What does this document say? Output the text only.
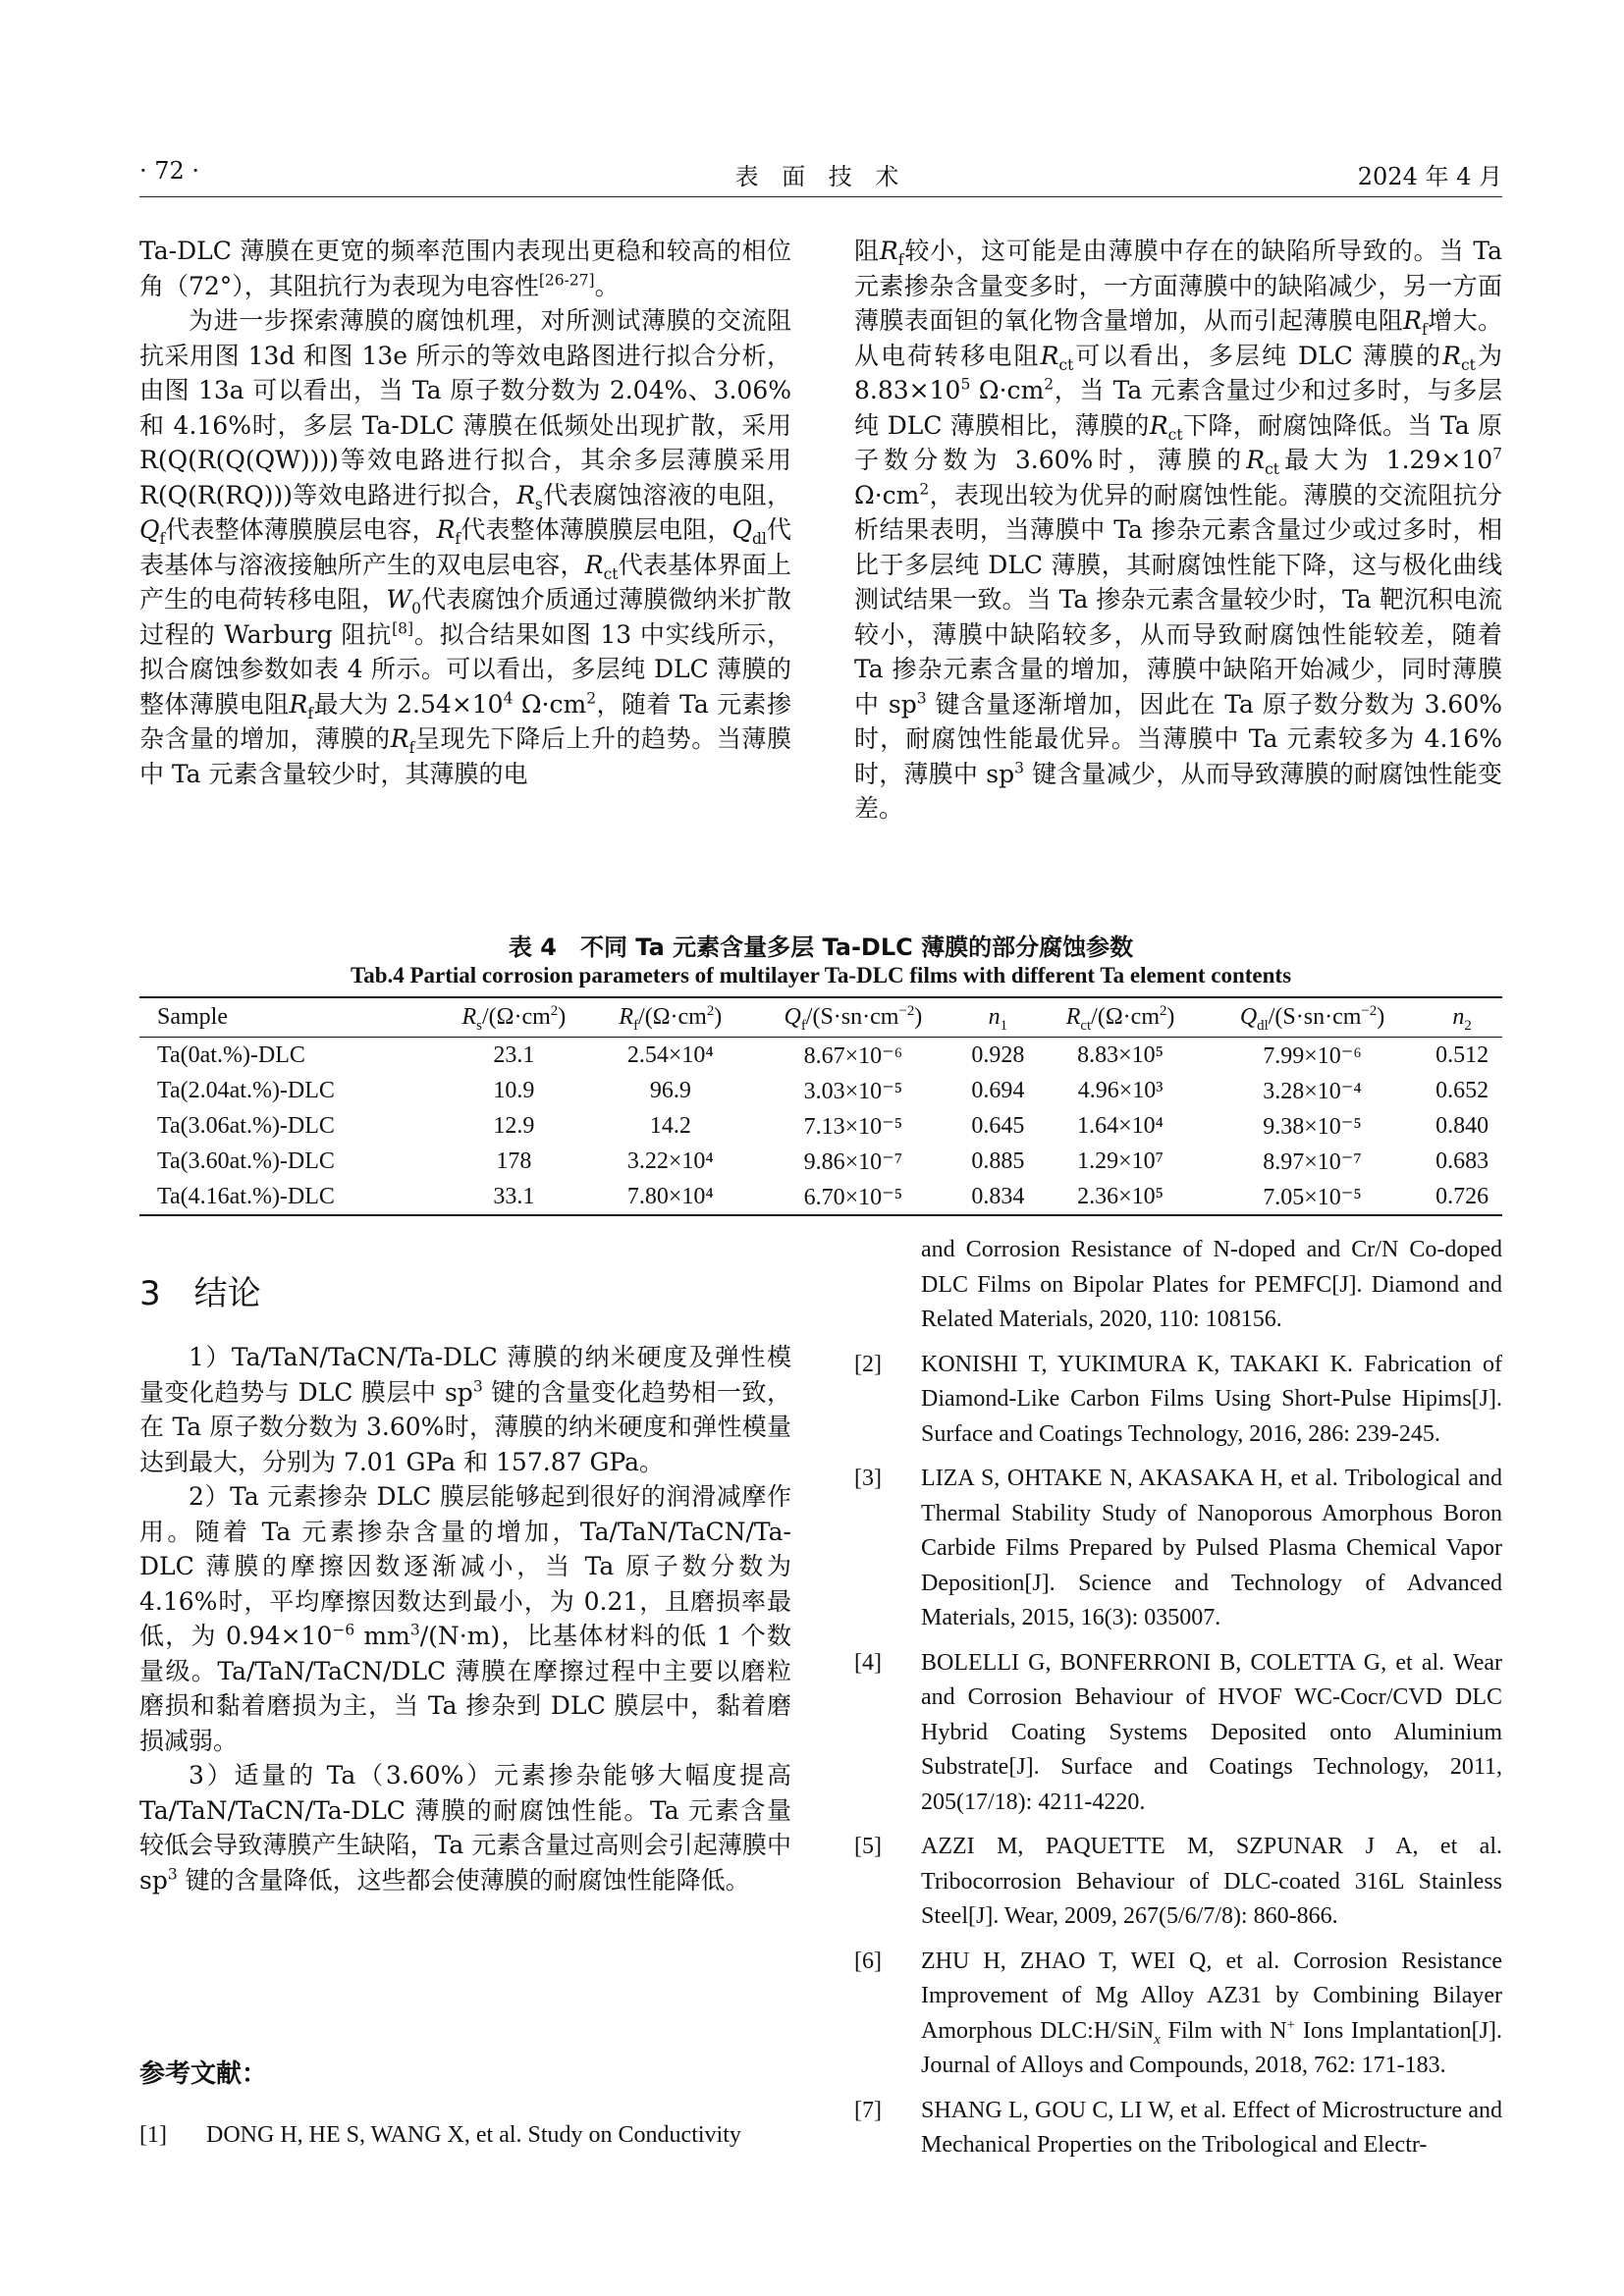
· 72 ·	表 面 技 术	2024 年 4 月

Ta-DLC 薄膜在更宽的频率范围内表现出更稳和较高的相位角（72°），其阻抗行为表现为电容性[26-27]。

为进一步探索薄膜的腐蚀机理，对所测试薄膜的交流阻抗采用图 13d 和图 13e 所示的等效电路图进行拟合分析，由图 13a 可以看出，当 Ta 原子数分数为 2.04%、3.06%和 4.16%时，多层 Ta-DLC 薄膜在低频处出现扩散，采用 R(Q(R(Q(QW))))等效电路进行拟合，其余多层薄膜采用 R(Q(R(RQ)))等效电路进行拟合，$R_s$代表腐蚀溶液的电阻，$Q_f$代表整体薄膜膜层电容，$R_f$代表整体薄膜膜层电阻，$Q_{dl}$代表基体与溶液接触所产生的双电层电容，$R_{ct}$代表基体界面上产生的电荷转移电阻，$W_0$代表腐蚀介质通过薄膜微纳米扩散过程的 Warburg 阻抗[8]。拟合结果如图 13 中实线所示，拟合腐蚀参数如表 4 所示。可以看出，多层纯 DLC 薄膜的整体薄膜电阻$R_f$最大为 $2.54\times 10^4$ $\Omega\cdot cm^2$，随着 Ta 元素掺杂含量的增加，薄膜的$R_f$呈现先下降后上升的趋势。当薄膜中 Ta 元素含量较少时，其薄膜的电

阻$R_f$较小，这可能是由薄膜中存在的缺陷所导致的。当 Ta 元素掺杂含量变多时，一方面薄膜中的缺陷减少，另一方面薄膜表面钽的氧化物含量增加，从而引起薄膜电阻$R_f$增大。从电荷转移电阻$R_{ct}$可以看出，多层纯 DLC 薄膜的$R_{ct}$为 $8.83\times 10^5$ $\Omega\cdot cm^2$，当 Ta 元素含量过少和过多时，与多层纯 DLC 薄膜相比，薄膜的$R_{ct}$下降，耐腐蚀降低。当 Ta 原子数分数为 3.60%时，薄膜的$R_{ct}$最大为 $1.29\times 10^7$ $\Omega\cdot cm^2$，表现出较为优异的耐腐蚀性能。薄膜的交流阻抗分析结果表明，当薄膜中 Ta 掺杂元素含量过少或过多时，相比于多层纯 DLC 薄膜，其耐腐蚀性能下降，这与极化曲线测试结果一致。当 Ta 掺杂元素含量较少时，Ta 靶沉积电流较小，薄膜中缺陷较多，从而导致耐腐蚀性能较差，随着 Ta 掺杂元素含量的增加，薄膜中缺陷开始减少，同时薄膜中 $sp^3$ 键含量逐渐增加，因此在 Ta 原子数分数为 3.60%时，耐腐蚀性能最优异。当薄膜中 Ta 元素较多为 4.16%时，薄膜中 $sp^3$ 键含量减少，从而导致薄膜的耐腐蚀性能变差。

表 4　不同 Ta 元素含量多层 Ta-DLC 薄膜的部分腐蚀参数
Tab.4 Partial corrosion parameters of multilayer Ta-DLC films with different Ta element contents
Sample	$R_s/(\Omega\cdot cm^2)$	$R_f/(\Omega\cdot cm^2)$	$Q_f/(S\cdot sn\cdot cm^{-2})$	$n_1$	$R_{ct}/(\Omega\cdot cm^2)$	$Q_{dl}/(S\cdot sn\cdot cm^{-2})$	$n_2$
Ta(0at.%)-DLC	23.1	2.54×10⁴	8.67×10⁻⁶	0.928	8.83×10⁵	7.99×10⁻⁶	0.512
Ta(2.04at.%)-DLC	10.9	96.9	3.03×10⁻⁵	0.694	4.96×10³	3.28×10⁻⁴	0.652
Ta(3.06at.%)-DLC	12.9	14.2	7.13×10⁻⁵	0.645	1.64×10⁴	9.38×10⁻⁵	0.840
Ta(3.60at.%)-DLC	178	3.22×10⁴	9.86×10⁻⁷	0.885	1.29×10⁷	8.97×10⁻⁷	0.683
Ta(4.16at.%)-DLC	33.1	7.80×10⁴	6.70×10⁻⁵	0.834	2.36×10⁵	7.05×10⁻⁵	0.726
3　结论

1）Ta/TaN/TaCN/Ta-DLC 薄膜的纳米硬度及弹性模量变化趋势与 DLC 膜层中 $sp^3$ 键的含量变化趋势相一致，在 Ta 原子数分数为 3.60%时，薄膜的纳米硬度和弹性模量达到最大，分别为 7.01 GPa 和 157.87 GPa。

2）Ta 元素掺杂 DLC 膜层能够起到很好的润滑减摩作用。随着 Ta 元素掺杂含量的增加，Ta/TaN/TaCN/Ta-DLC 薄膜的摩擦因数逐渐减小，当 Ta 原子数分数为 4.16%时，平均摩擦因数达到最小，为 0.21，且磨损率最低，为 $0.94\times 10^{-6}$ $mm^3/(N\cdot m)$，比基体材料的低 1 个数量级。Ta/TaN/TaCN/DLC 薄膜在摩擦过程中主要以磨粒磨损和黏着磨损为主，当 Ta 掺杂到 DLC 膜层中，黏着磨损减弱。

3）适量的 Ta（3.60%）元素掺杂能够大幅度提高 Ta/TaN/TaCN/Ta-DLC 薄膜的耐腐蚀性能。Ta 元素含量较低会导致薄膜产生缺陷，Ta 元素含量过高则会引起薄膜中 $sp^3$ 键的含量降低，这些都会使薄膜的耐腐蚀性能降低。

参考文献：
[1] DONG H, HE S, WANG X, et al. Study on Conductivity
and Corrosion Resistance of N-doped and Cr/N Co-doped DLC Films on Bipolar Plates for PEMFC[J]. Diamond and Related Materials, 2020, 110: 108156.
[2] KONISHI T, YUKIMURA K, TAKAKI K. Fabrication of Diamond-Like Carbon Films Using Short-Pulse Hipims[J]. Surface and Coatings Technology, 2016, 286: 239-245.
[3] LIZA S, OHTAKE N, AKASAKA H, et al. Tribological and Thermal Stability Study of Nanoporous Amorphous Boron Carbide Films Prepared by Pulsed Plasma Chemical Vapor Deposition[J]. Science and Technology of Advanced Materials, 2015, 16(3): 035007.
[4] BOLELLI G, BONFERRONI B, COLETTA G, et al. Wear and Corrosion Behaviour of HVOF WC-Cocr/CVD DLC Hybrid Coating Systems Deposited onto Aluminium Substrate[J]. Surface and Coatings Technology, 2011, 205(17/18): 4211-4220.
[5] AZZI M, PAQUETTE M, SZPUNAR J A, et al. Tribocorrosion Behaviour of DLC-coated 316L Stainless Steel[J]. Wear, 2009, 267(5/6/7/8): 860-866.
[6] ZHU H, ZHAO T, WEI Q, et al. Corrosion Resistance Improvement of Mg Alloy AZ31 by Combining Bilayer Amorphous DLC:H/SiN$_x$ Film with N+ Ions Implantation[J]. Journal of Alloys and Compounds, 2018, 762: 171-183.
[7] SHANG L, GOU C, LI W, et al. Effect of Microstructure and Mechanical Properties on the Tribological and Electr-
